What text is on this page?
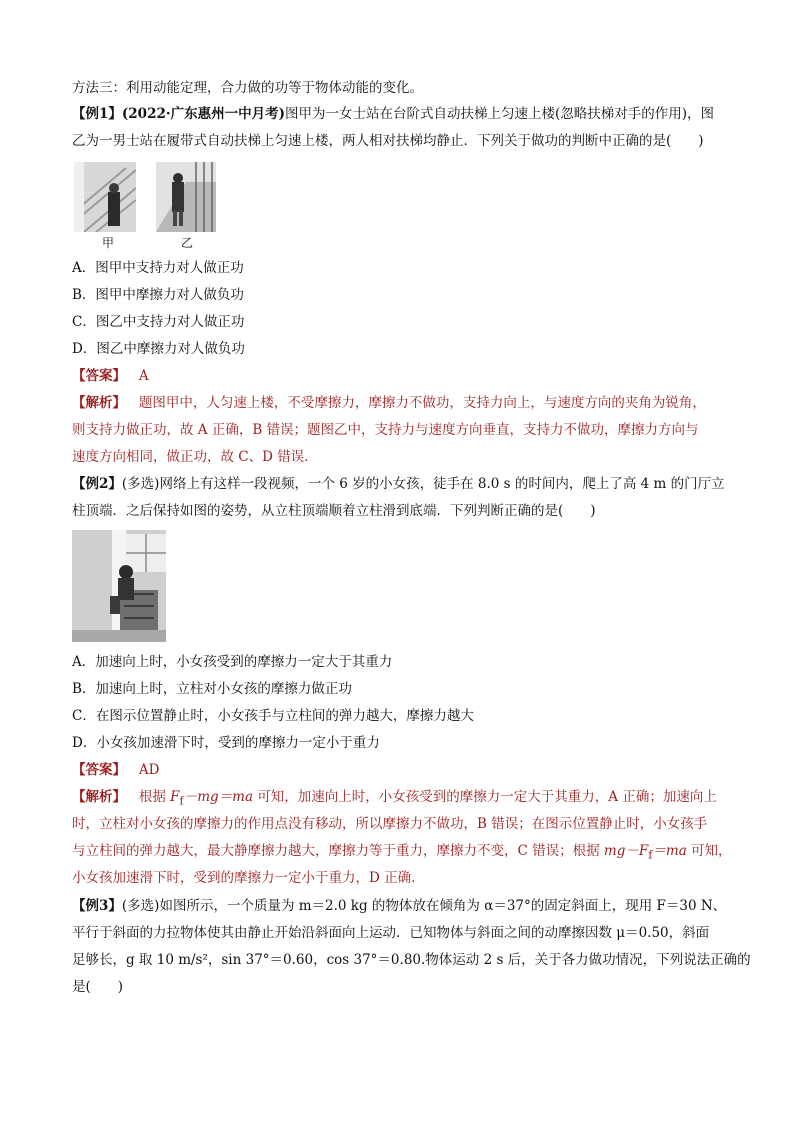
方法三：利用动能定理，合力做的功等于物体动能的变化。
【例1】(2022·广东惠州一中月考)图甲为一女士站在台阶式自动扶梯上匀速上楼(忽略扶梯对手的作用)，图
乙为一男士站在履带式自动扶梯上匀速上楼，两人相对扶梯均静止．下列关于做功的判断中正确的是(　　)
甲	乙
A．图甲中支持力对人做正功
B．图甲中摩擦力对人做负功
C．图乙中支持力对人做正功
D．图乙中摩擦力对人做负功
【答案】 A
【解析】 题图甲中，人匀速上楼，不受摩擦力，摩擦力不做功，支持力向上，与速度方向的夹角为锐角，
则支持力做正功，故 A 正确，B 错误；题图乙中，支持力与速度方向垂直，支持力不做功，摩擦力方向与
速度方向相同，做正功，故 C、D 错误．
【例2】(多选)网络上有这样一段视频，一个 6 岁的小女孩，徒手在 8.0 s 的时间内，爬上了高 4 m 的门厅立
柱顶端．之后保持如图的姿势，从立柱顶端顺着立柱滑到底端．下列判断正确的是(　　)
A．加速向上时，小女孩受到的摩擦力一定大于其重力
B．加速向上时，立柱对小女孩的摩擦力做正功
C．在图示位置静止时，小女孩手与立柱间的弹力越大，摩擦力越大
D．小女孩加速滑下时，受到的摩擦力一定小于重力
【答案】 AD
【解析】 根据 $F_f-mg=ma$ 可知，加速向上时，小女孩受到的摩擦力一定大于其重力，A 正确；加速向上
时，立柱对小女孩的摩擦力的作用点没有移动，所以摩擦力不做功，B 错误；在图示位置静止时，小女孩手
与立柱间的弹力越大，最大静摩擦力越大，摩擦力等于重力，摩擦力不变，C 错误；根据 $mg-F_f=ma$ 可知，
小女孩加速滑下时，受到的摩擦力一定小于重力，D 正确．
【例3】(多选)如图所示，一个质量为 m＝2.0 kg 的物体放在倾角为 α＝37°的固定斜面上，现用 F＝30 N、
平行于斜面的力拉物体使其由静止开始沿斜面向上运动．已知物体与斜面之间的动摩擦因数 μ＝0.50，斜面
足够长，g 取 10 m/s²，sin 37°＝0.60，cos 37°＝0.80.物体运动 2 s 后，关于各力做功情况，下列说法正确的
是(　　)
